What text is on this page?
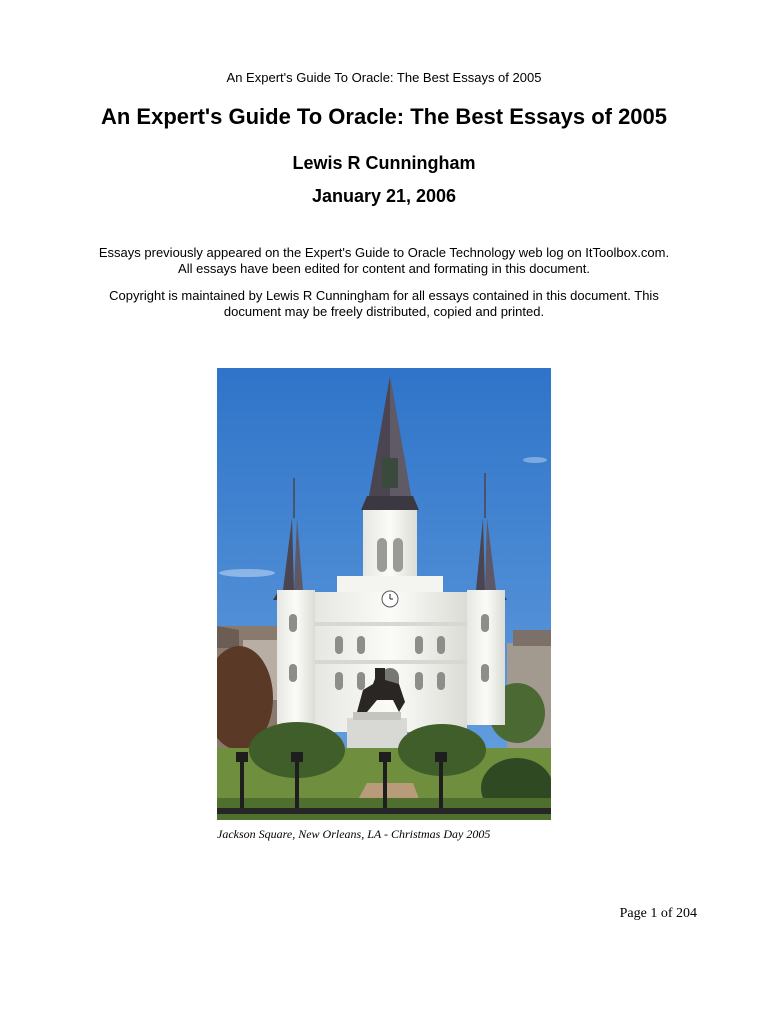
An Expert's Guide To Oracle: The Best Essays of 2005
An Expert's Guide To Oracle: The Best Essays of 2005
Lewis R Cunningham
January 21, 2006

Essays previously appeared on the Expert's Guide to Oracle Technology web log on ItToolbox.com.
All essays have been edited for content and formating in this document.

Copyright is maintained by Lewis R Cunningham for all essays contained in this document. This
document may be freely distributed, copied and printed.

Jackson Square, New Orleans, LA - Christmas Day 2005
Page 1 of 204
